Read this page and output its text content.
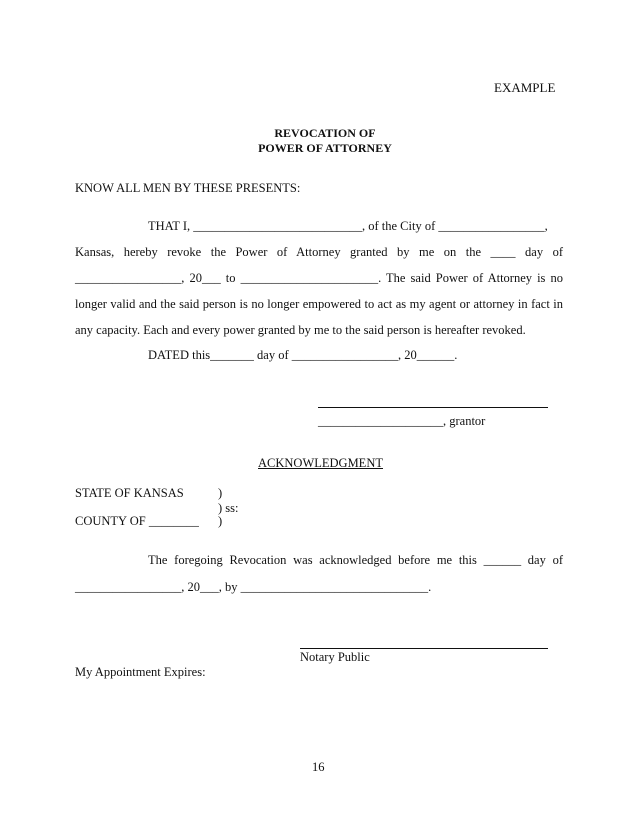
EXAMPLE
REVOCATION OF
POWER OF ATTORNEY
KNOW ALL MEN BY THESE PRESENTS:
THAT I, ___________________________, of the City of _________________,
Kansas, hereby revoke the Power of Attorney granted by me on the ____ day of
_________________, 20___ to ______________________. The said Power of Attorney is no
longer valid and the said person is no longer empowered to act as my agent or attorney in fact in
any capacity. Each and every power granted by me to the said person is hereafter revoked.
DATED this_______ day of _________________, 20______.
____________________, grantor
ACKNOWLEDGMENT
STATE OF KANSAS	)
) ss:
COUNTY OF ________ )
The foregoing Revocation was acknowledged before me this ______ day of
_________________, 20___, by ______________________________.
Notary Public
My Appointment Expires:
16
